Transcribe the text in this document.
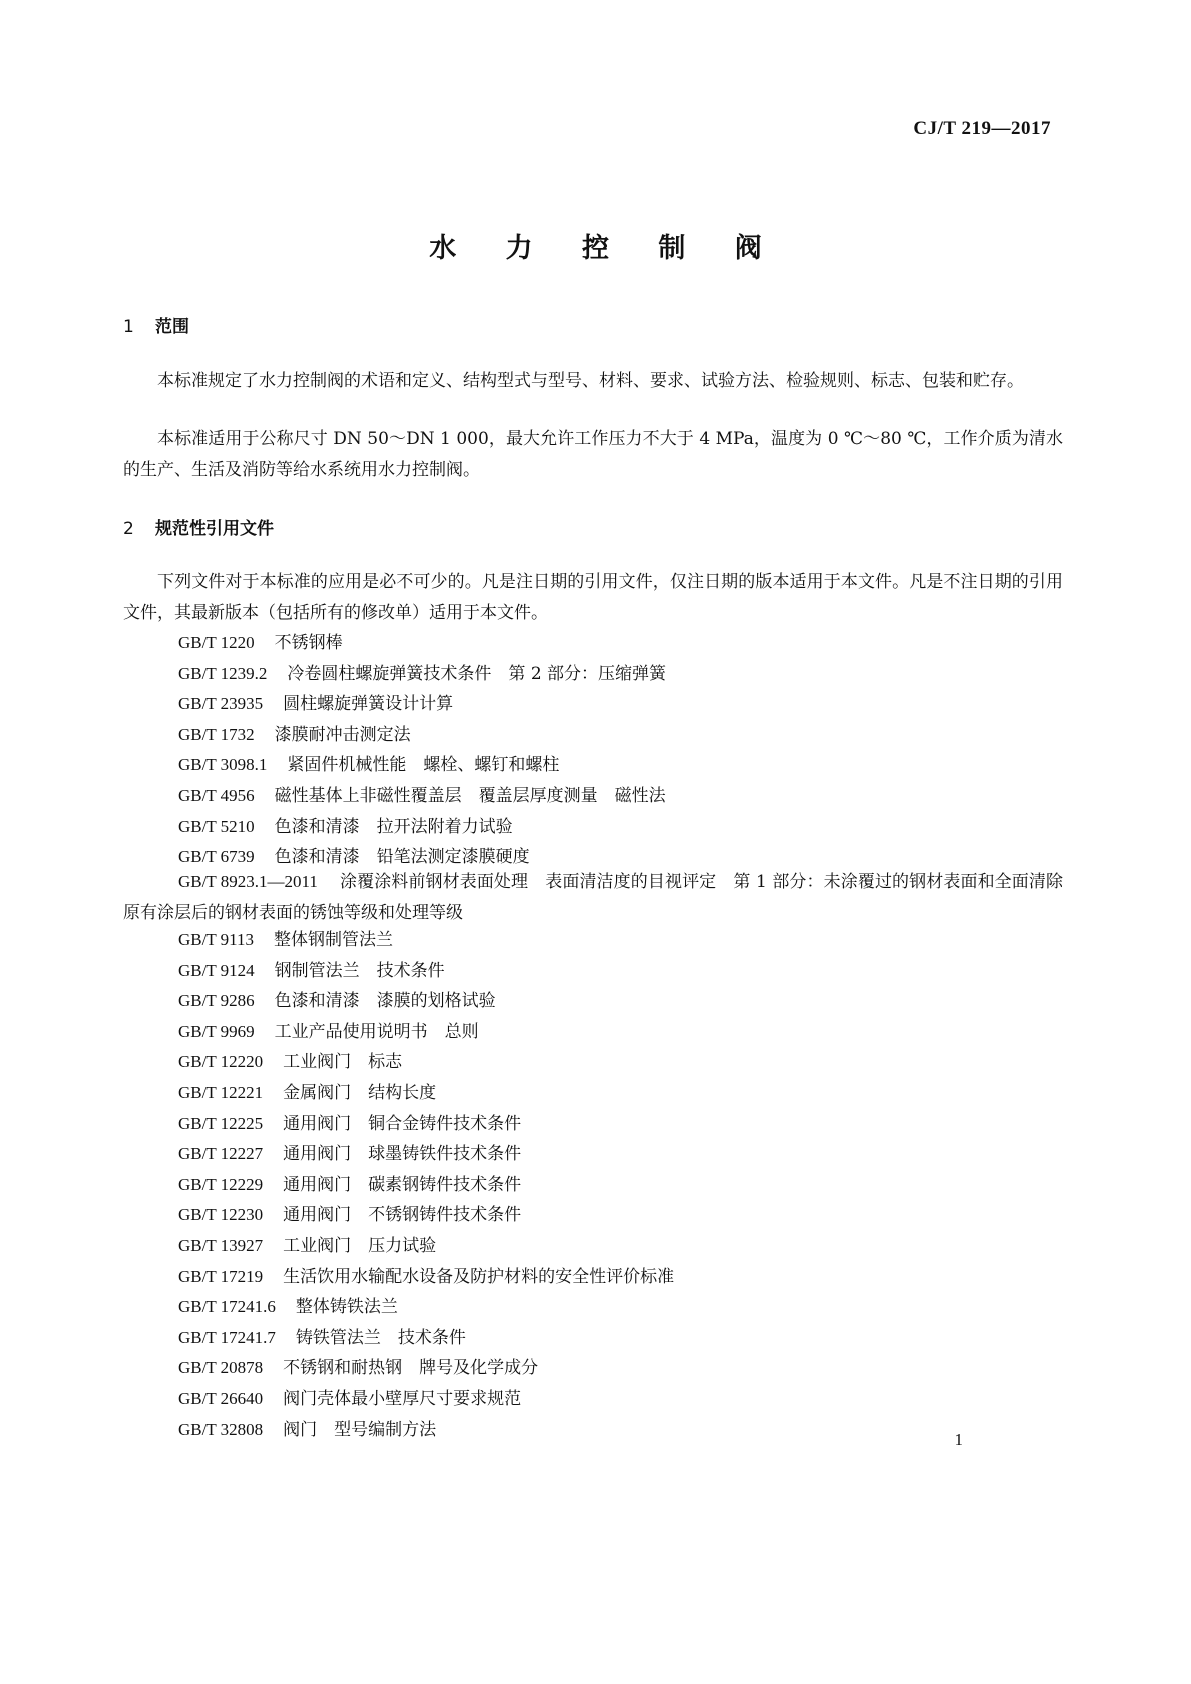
CJ/T 219—2017
水 力 控 制 阀
1 范围

本标准规定了水力控制阀的术语和定义、结构型式与型号、材料、要求、试验方法、检验规则、标志、包装和贮存。

本标准适用于公称尺寸 DN 50～DN 1 000，最大允许工作压力不大于 4 MPa，温度为 0 ℃～80 ℃，工作介质为清水的生产、生活及消防等给水系统用水力控制阀。

2 规范性引用文件

下列文件对于本标准的应用是必不可少的。凡是注日期的引用文件，仅注日期的版本适用于本文件。凡是不注日期的引用文件，其最新版本（包括所有的修改单）适用于本文件。

GB/T 1220 不锈钢棒
GB/T 1239.2 冷卷圆柱螺旋弹簧技术条件　第 2 部分：压缩弹簧
GB/T 23935 圆柱螺旋弹簧设计计算
GB/T 1732 漆膜耐冲击测定法
GB/T 3098.1 紧固件机械性能　螺栓、螺钉和螺柱
GB/T 4956 磁性基体上非磁性覆盖层　覆盖层厚度测量　磁性法
GB/T 5210 色漆和清漆　拉开法附着力试验
GB/T 6739 色漆和清漆　铅笔法测定漆膜硬度

GB/T 8923.1—2011 涂覆涂料前钢材表面处理　表面清洁度的目视评定　第 1 部分：未涂覆过的钢材表面和全面清除原有涂层后的钢材表面的锈蚀等级和处理等级

GB/T 9113 整体钢制管法兰
GB/T 9124 钢制管法兰　技术条件
GB/T 9286 色漆和清漆　漆膜的划格试验
GB/T 9969 工业产品使用说明书　总则
GB/T 12220 工业阀门　标志
GB/T 12221 金属阀门　结构长度
GB/T 12225 通用阀门　铜合金铸件技术条件
GB/T 12227 通用阀门　球墨铸铁件技术条件
GB/T 12229 通用阀门　碳素钢铸件技术条件
GB/T 12230 通用阀门　不锈钢铸件技术条件
GB/T 13927 工业阀门　压力试验
GB/T 17219 生活饮用水输配水设备及防护材料的安全性评价标准
GB/T 17241.6 整体铸铁法兰
GB/T 17241.7 铸铁管法兰　技术条件
GB/T 20878 不锈钢和耐热钢　牌号及化学成分
GB/T 26640 阀门壳体最小壁厚尺寸要求规范
GB/T 32808 阀门　型号编制方法	1
